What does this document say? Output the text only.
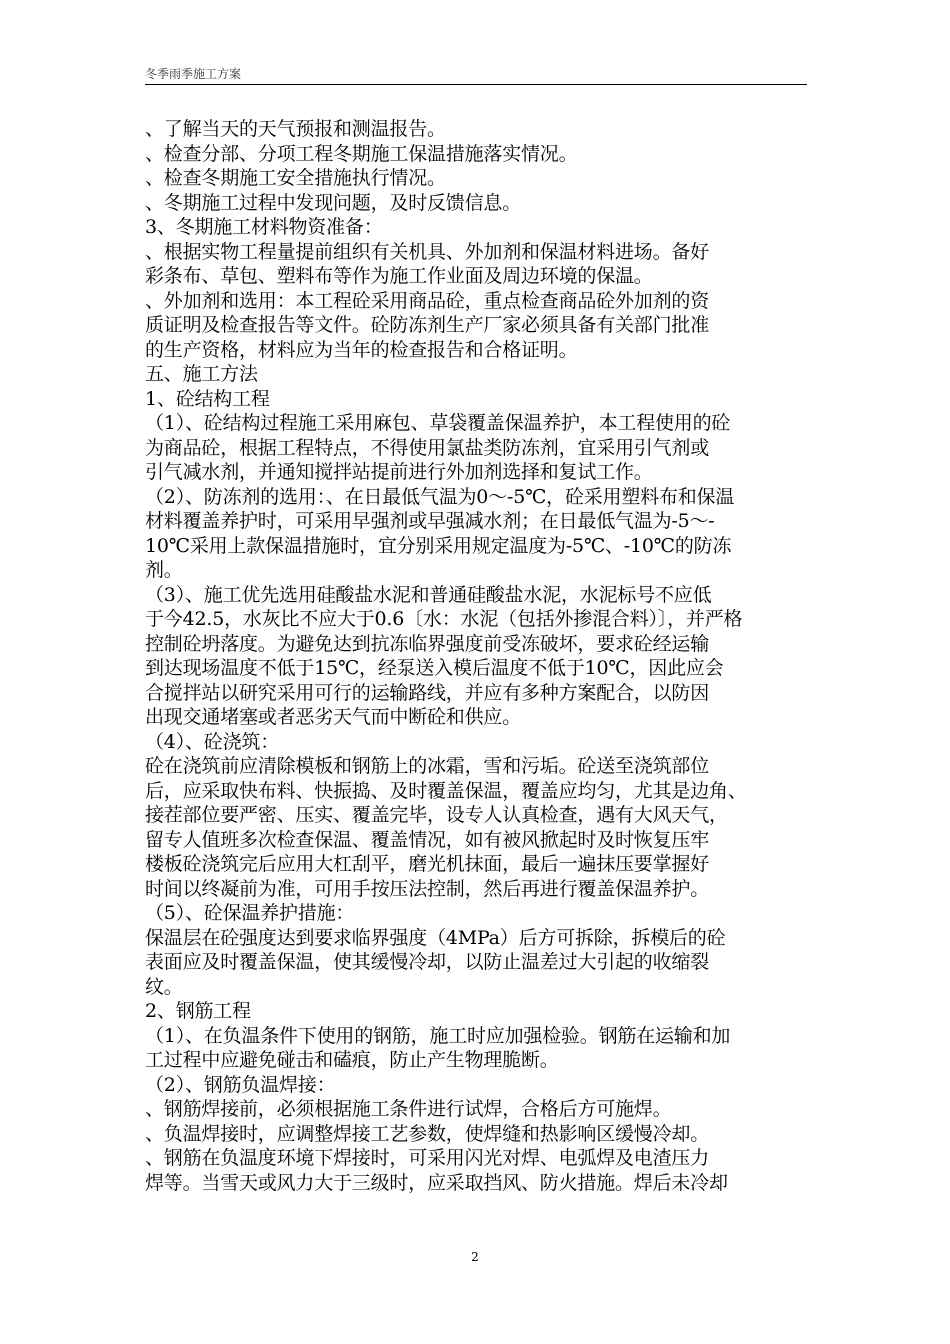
冬季雨季施工方案
、了解当天的天气预报和测温报告。
、检查分部、分项工程冬期施工保温措施落实情况。
、检查冬期施工安全措施执行情况。
、冬期施工过程中发现问题，及时反馈信息。
3、冬期施工材料物资准备：
、根据实物工程量提前组织有关机具、外加剂和保温材料进场。备好
彩条布、草包、塑料布等作为施工作业面及周边环境的保温。
、外加剂和选用：本工程砼采用商品砼，重点检查商品砼外加剂的资
质证明及检查报告等文件。砼防冻剂生产厂家必须具备有关部门批准
的生产资格，材料应为当年的检查报告和合格证明。
五、施工方法
1、砼结构工程
（1）、砼结构过程施工采用麻包、草袋覆盖保温养护，本工程使用的砼
为商品砼，根据工程特点，不得使用氯盐类防冻剂，宜采用引气剂或
引气减水剂，并通知搅拌站提前进行外加剂选择和复试工作。
（2）、防冻剂的选用：、在日最低气温为0～-5℃，砼采用塑料布和保温
材料覆盖养护时，可采用早强剂或早强减水剂；在日最低气温为-5～-
10℃采用上款保温措施时，宜分别采用规定温度为-5℃、-10℃的防冻
剂。
（3）、施工优先选用硅酸盐水泥和普通硅酸盐水泥，水泥标号不应低
于今42.5，水灰比不应大于0.6〔水：水泥（包括外掺混合料）〕，并严格
控制砼坍落度。为避免达到抗冻临界强度前受冻破坏，要求砼经运输
到达现场温度不低于15℃，经泵送入模后温度不低于10℃，因此应会
合搅拌站以研究采用可行的运输路线，并应有多种方案配合，以防因
出现交通堵塞或者恶劣天气而中断砼和供应。
（4）、砼浇筑：
砼在浇筑前应清除模板和钢筋上的冰霜，雪和污垢。砼送至浇筑部位
后，应采取快布料、快振捣、及时覆盖保温，覆盖应均匀，尤其是边角、
接茬部位要严密、压实、覆盖完毕，设专人认真检查，遇有大风天气，
留专人值班多次检查保温、覆盖情况，如有被风掀起时及时恢复压牢
楼板砼浇筑完后应用大杠刮平，磨光机抹面，最后一遍抹压要掌握好
时间以终凝前为准，可用手按压法控制，然后再进行覆盖保温养护。
（5）、砼保温养护措施：
保温层在砼强度达到要求临界强度（4MPa）后方可拆除，拆模后的砼
表面应及时覆盖保温，使其缓慢冷却，以防止温差过大引起的收缩裂
纹。
2、钢筋工程
（1）、在负温条件下使用的钢筋，施工时应加强检验。钢筋在运输和加
工过程中应避免碰击和磕痕，防止产生物理脆断。
（2）、钢筋负温焊接：
、钢筋焊接前，必须根据施工条件进行试焊，合格后方可施焊。
、负温焊接时，应调整焊接工艺参数，使焊缝和热影响区缓慢冷却。
、钢筋在负温度环境下焊接时，可采用闪光对焊、电弧焊及电渣压力
焊等。当雪天或风力大于三级时，应采取挡风、防火措施。焊后未冷却
2
